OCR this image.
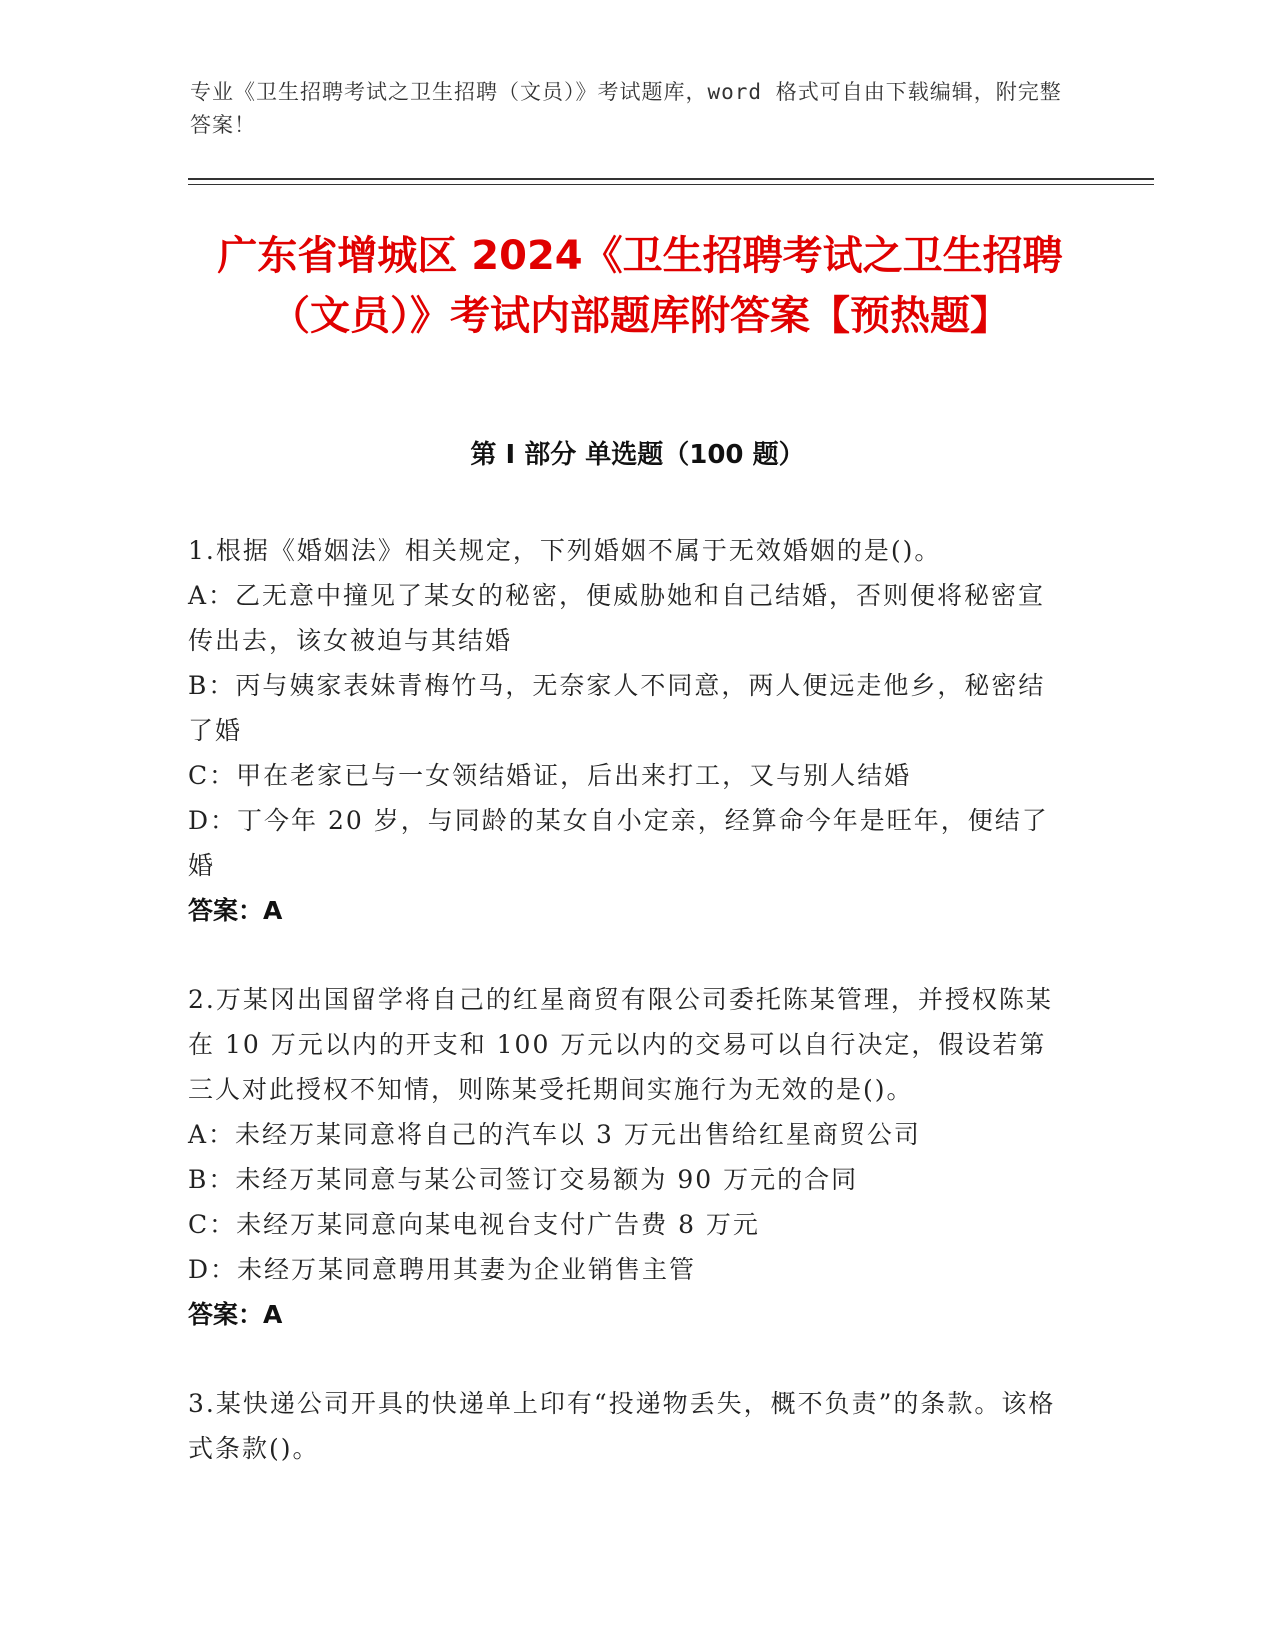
专业《卫生招聘考试之卫生招聘（文员）》考试题库，word 格式可自由下载编辑，附完整答案！
广东省增城区 2024《卫生招聘考试之卫生招聘（文员）》考试内部题库附答案【预热题】
第 I 部分 单选题（100 题）
1.根据《婚姻法》相关规定，下列婚姻不属于无效婚姻的是()。
A：乙无意中撞见了某女的秘密，便威胁她和自己结婚，否则便将秘密宣传出去，该女被迫与其结婚
B：丙与姨家表妹青梅竹马，无奈家人不同意，两人便远走他乡，秘密结了婚
C：甲在老家已与一女领结婚证，后出来打工，又与别人结婚
D：丁今年 20 岁，与同龄的某女自小定亲，经算命今年是旺年，便结了婚
答案：A
2.万某冈出国留学将自己的红星商贸有限公司委托陈某管理，并授权陈某在 10 万元以内的开支和 100 万元以内的交易可以自行决定，假设若第三人对此授权不知情，则陈某受托期间实施行为无效的是()。
A：未经万某同意将自己的汽车以 3 万元出售给红星商贸公司
B：未经万某同意与某公司签订交易额为 90 万元的合同
C：未经万某同意向某电视台支付广告费 8 万元
D：未经万某同意聘用其妻为企业销售主管
答案：A
3.某快递公司开具的快递单上印有“投递物丢失，概不负责”的条款。该格式条款()。
